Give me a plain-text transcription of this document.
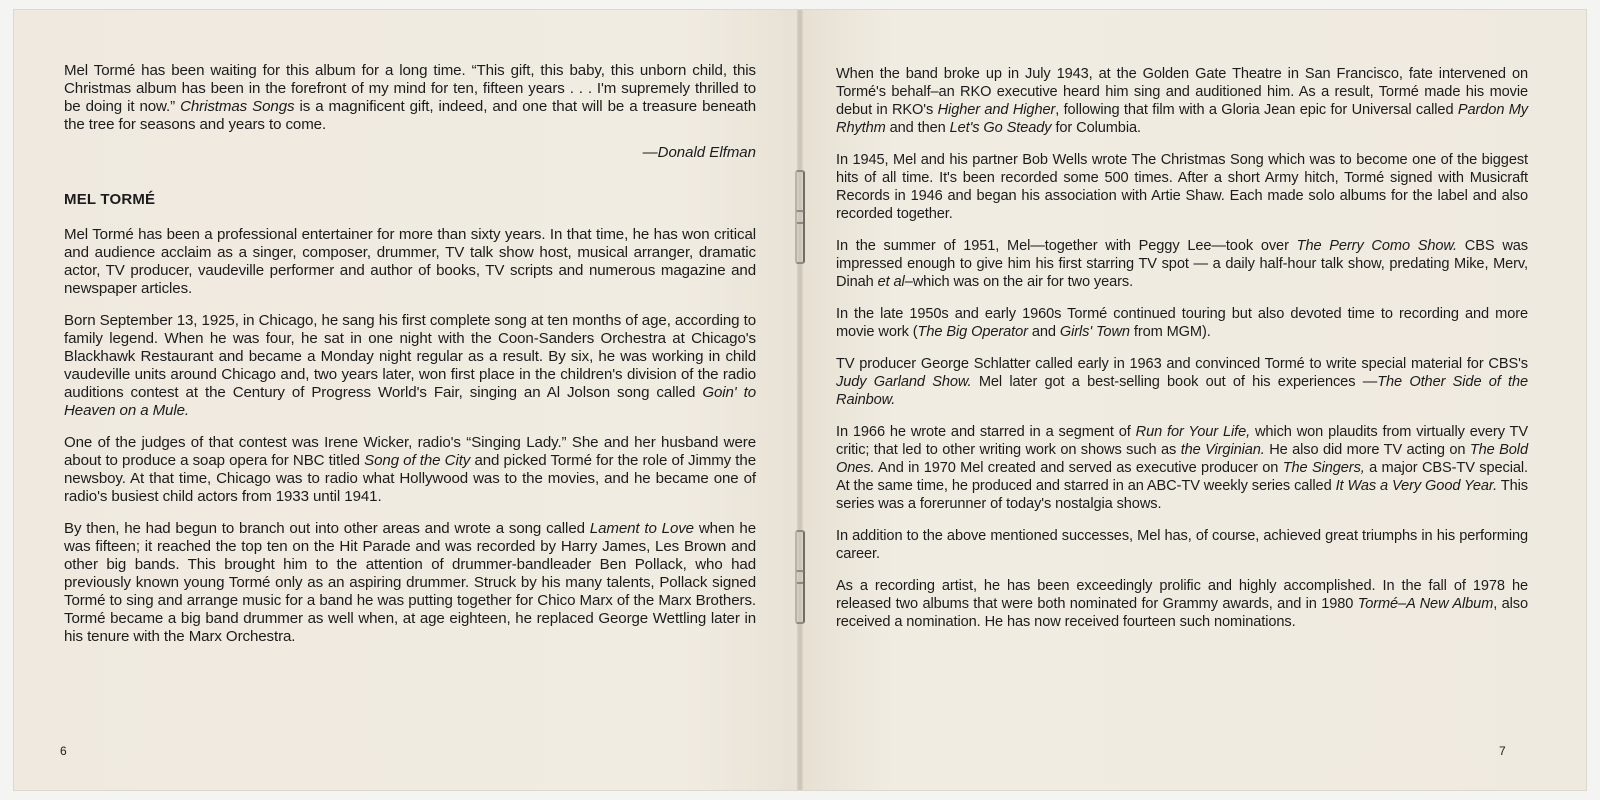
Mel Tormé has been waiting for this album for a long time. “This gift, this baby, this unborn child, this Christmas album has been in the forefront of my mind for ten, fifteen years . . . I'm supremely thrilled to be doing it now.” Christmas Songs is a magnificent gift, indeed, and one that will be a treasure beneath the tree for seasons and years to come.

—Donald Elfman
MEL TORMÉ

Mel Tormé has been a professional entertainer for more than sixty years. In that time, he has won critical and audience acclaim as a singer, composer, drummer, TV talk show host, musical arranger, dramatic actor, TV producer, vaudeville performer and author of books, TV scripts and numerous magazine and newspaper articles.

Born September 13, 1925, in Chicago, he sang his first complete song at ten months of age, according to family legend. When he was four, he sat in one night with the Coon-Sanders Orchestra at Chicago's Blackhawk Restaurant and became a Monday night regular as a result. By six, he was working in child vaudeville units around Chicago and, two years later, won first place in the children's division of the radio auditions contest at the Century of Progress World's Fair, singing an Al Jolson song called Goin' to Heaven on a Mule.

One of the judges of that contest was Irene Wicker, radio's “Singing Lady.” She and her husband were about to produce a soap opera for NBC titled Song of the City and picked Tormé for the role of Jimmy the newsboy. At that time, Chicago was to radio what Hollywood was to the movies, and he became one of radio's busiest child actors from 1933 until 1941.

By then, he had begun to branch out into other areas and wrote a song called Lament to Love when he was fifteen; it reached the top ten on the Hit Parade and was recorded by Harry James, Les Brown and other big bands. This brought him to the attention of drummer-bandleader Ben Pollack, who had previously known young Tormé only as an aspiring drummer. Struck by his many talents, Pollack signed Tormé to sing and arrange music for a band he was putting together for Chico Marx of the Marx Brothers. Tormé became a big band drummer as well when, at age eighteen, he replaced George Wettling later in his tenure with the Marx Orchestra.

6

When the band broke up in July 1943, at the Golden Gate Theatre in San Francisco, fate intervened on Tormé's behalf–an RKO executive heard him sing and auditioned him. As a result, Tormé made his movie debut in RKO's Higher and Higher, following that film with a Gloria Jean epic for Universal called Pardon My Rhythm and then Let's Go Steady for Columbia.

In 1945, Mel and his partner Bob Wells wrote The Christmas Song which was to become one of the biggest hits of all time. It's been recorded some 500 times. After a short Army hitch, Tormé signed with Musicraft Records in 1946 and began his association with Artie Shaw. Each made solo albums for the label and also recorded together.

In the summer of 1951, Mel—together with Peggy Lee—took over The Perry Como Show. CBS was impressed enough to give him his first starring TV spot — a daily half-hour talk show, predating Mike, Merv, Dinah et al–which was on the air for two years.

In the late 1950s and early 1960s Tormé continued touring but also devoted time to recording and more movie work (The Big Operator and Girls' Town from MGM).

TV producer George Schlatter called early in 1963 and convinced Tormé to write special material for CBS's Judy Garland Show. Mel later got a best-selling book out of his experiences —The Other Side of the Rainbow.

In 1966 he wrote and starred in a segment of Run for Your Life, which won plaudits from virtually every TV critic; that led to other writing work on shows such as the Virginian. He also did more TV acting on The Bold Ones. And in 1970 Mel created and served as executive producer on The Singers, a major CBS-TV special. At the same time, he produced and starred in an ABC-TV weekly series called It Was a Very Good Year. This series was a forerunner of today's nostalgia shows.

In addition to the above mentioned successes, Mel has, of course, achieved great triumphs in his performing career.

As a recording artist, he has been exceedingly prolific and highly accomplished. In the fall of 1978 he released two albums that were both nominated for Grammy awards, and in 1980 Tormé–A New Album, also received a nomination. He has now received fourteen such nominations.

7
